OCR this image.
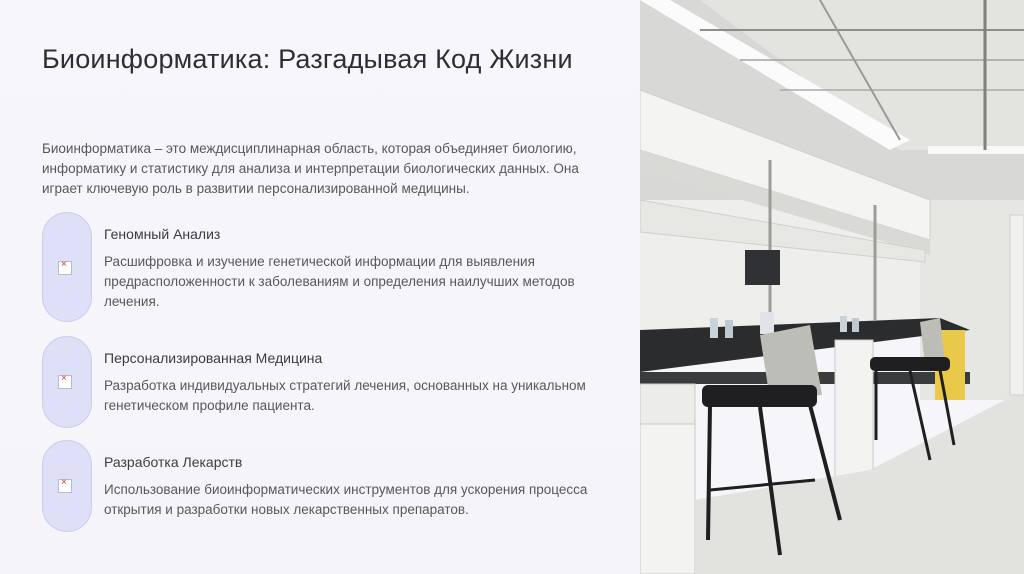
Биоинформатика: Разгадывая Код Жизни
Биоинформатика – это междисциплинарная область, которая объединяет биологию, информатику и статистику для анализа и интерпретации биологических данных. Она играет ключевую роль в развитии персонализированной медицины.
×
Геномный Анализ
Расшифровка и изучение генетической информации для выявления предрасположенности к заболеваниям и определения наилучших методов лечения.
×
Персонализированная Медицина
Разработка индивидуальных стратегий лечения, основанных на уникальном генетическом профиле пациента.
×
Разработка Лекарств
Использование биоинформатических инструментов для ускорения процесса открытия и разработки новых лекарственных препаратов.
